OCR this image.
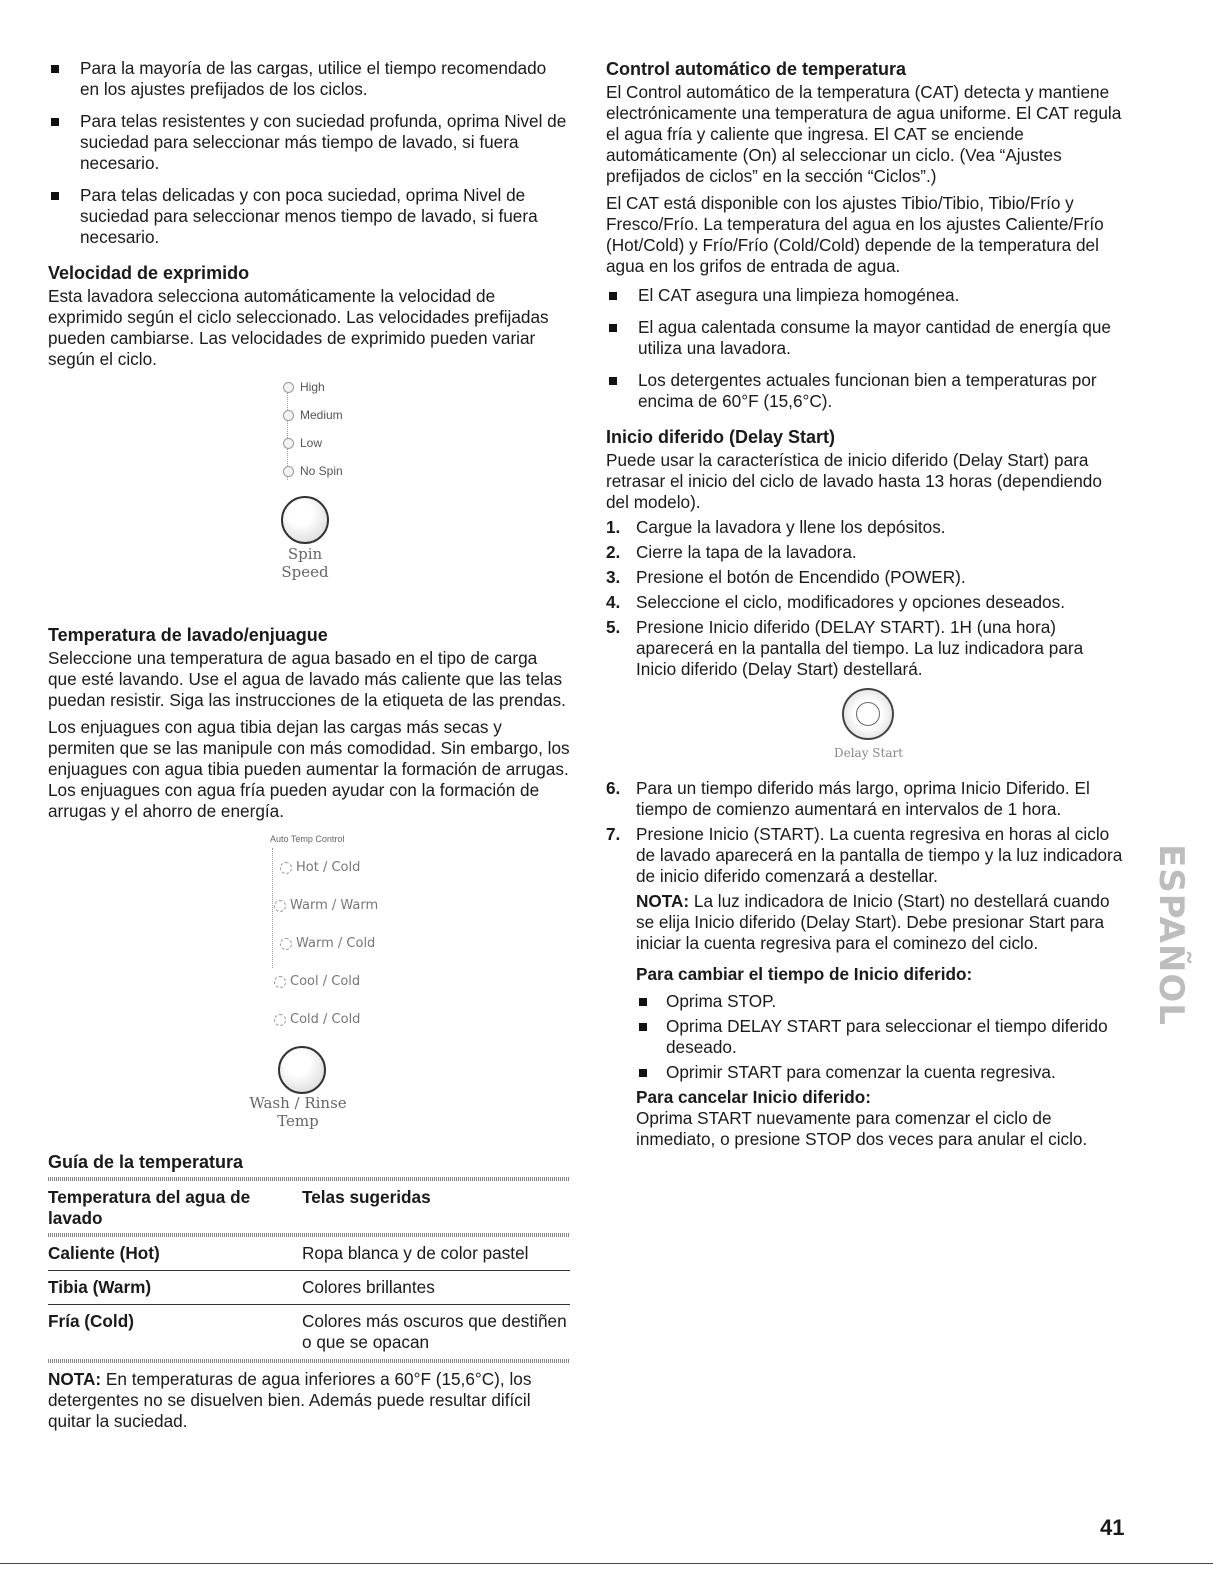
Para la mayoría de las cargas, utilice el tiempo recomendado en los ajustes prefijados de los ciclos.
Para telas resistentes y con suciedad profunda, oprima Nivel de suciedad para seleccionar más tiempo de lavado, si fuera necesario.
Para telas delicadas y con poca suciedad, oprima Nivel de suciedad para seleccionar menos tiempo de lavado, si fuera necesario.
Velocidad de exprimido

Esta lavadora selecciona automáticamente la velocidad de exprimido según el ciclo seleccionado. Las velocidades prefijadas pueden cambiarse. Las velocidades de exprimido pueden variar según el ciclo.

High
Medium
Low
No Spin
Spin
Speed
Temperatura de lavado/enjuague

Seleccione una temperatura de agua basado en el tipo de carga que esté lavando. Use el agua de lavado más caliente que las telas puedan resistir. Siga las instrucciones de la etiqueta de las prendas.

Los enjuagues con agua tibia dejan las cargas más secas y permiten que se las manipule con más comodidad. Sin embargo, los enjuagues con agua tibia pueden aumentar la formación de arrugas. Los enjuagues con agua fría pueden ayudar con la formación de arrugas y el ahorro de energía.

Auto Temp Control
Hot / Cold
Warm / Warm
Warm / Cold
Cool / Cold
Cold / Cold
Wash / Rinse
Temp
Guía de la temperatura
Temperatura del agua de lavado	Telas sugeridas
Caliente (Hot)	Ropa blanca y de color pastel
Tibia (Warm)	Colores brillantes
Fría (Cold)	Colores más oscuros que destiñen o que se opacan

NOTA: En temperaturas de agua inferiores a 60°F (15,6°C), los detergentes no se disuelven bien. Además puede resultar difícil quitar la suciedad.

Control automático de temperatura

El Control automático de la temperatura (CAT) detecta y mantiene electrónicamente una temperatura de agua uniforme. El CAT regula el agua fría y caliente que ingresa. El CAT se enciende automáticamente (On) al seleccionar un ciclo. (Vea “Ajustes prefijados de ciclos” en la sección “Ciclos”.)

El CAT está disponible con los ajustes Tibio/Tibio, Tibio/Frío y Fresco/Frío. La temperatura del agua en los ajustes Caliente/Frío (Hot/Cold) y Frío/Frío (Cold/Cold) depende de la temperatura del agua en los grifos de entrada de agua.

El CAT asegura una limpieza homogénea.
El agua calentada consume la mayor cantidad de energía que utiliza una lavadora.
Los detergentes actuales funcionan bien a temperaturas por encima de 60°F (15,6°C).
Inicio diferido (Delay Start)

Puede usar la característica de inicio diferido (Delay Start) para retrasar el inicio del ciclo de lavado hasta 13 horas (dependiendo del modelo).

1. Cargue la lavadora y llene los depósitos.
2. Cierre la tapa de la lavadora.
3. Presione el botón de Encendido (POWER).
4. Seleccione el ciclo, modificadores y opciones deseados.
5. Presione Inicio diferido (DELAY START). 1H (una hora) aparecerá en la pantalla del tiempo. La luz indicadora para Inicio diferido (Delay Start) destellará.
Delay Start
6. Para un tiempo diferido más largo, oprima Inicio Diferido. El tiempo de comienzo aumentará en intervalos de 1 hora.
7. Presione Inicio (START). La cuenta regresiva en horas al ciclo de lavado aparecerá en la pantalla de tiempo y la luz indicadora de inicio diferido comenzará a destellar.
NOTA: La luz indicadora de Inicio (Start) no destellará cuando se elija Inicio diferido (Delay Start). Debe presionar Start para iniciar la cuenta regresiva para el cominezo del ciclo.
Para cambiar el tiempo de Inicio diferido:
Oprima STOP.
Oprima DELAY START para seleccionar el tiempo diferido deseado.
Oprimir START para comenzar la cuenta regresiva.
Para cancelar Inicio diferido:
Oprima START nuevamente para comenzar el ciclo de inmediato, o presione STOP dos veces para anular el ciclo.
ESPAÑOL
41
